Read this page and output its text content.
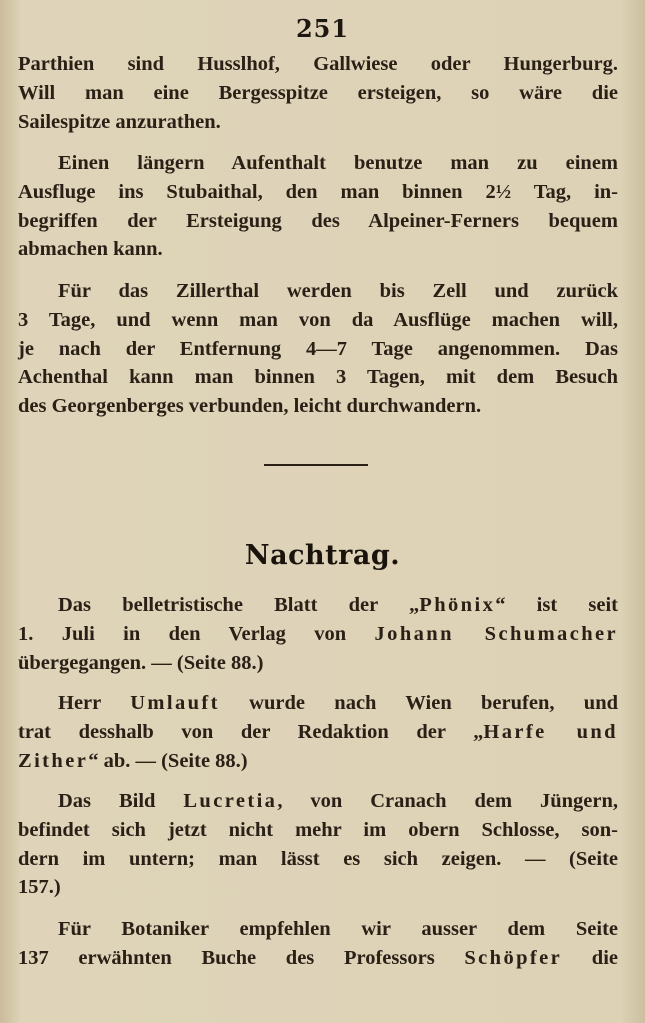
251
Parthien sind Husslhof, Gallwiese oder Hungerburg.
Will man eine Bergesspitze ersteigen, so wäre die
Sailespitze anzurathen.
Einen längern Aufenthalt benutze man zu einem
Ausfluge ins Stubaithal, den man binnen 2½ Tag, in-
begriffen der Ersteigung des Alpeiner-Ferners bequem
abmachen kann.
Für das Zillerthal werden bis Zell und zurück
3 Tage, und wenn man von da Ausflüge machen will,
je nach der Entfernung 4—7 Tage angenommen. Das
Achenthal kann man binnen 3 Tagen, mit dem Besuch
des Georgenberges verbunden, leicht durchwandern.
Nachtrag.
Das belletristische Blatt der „Phönix“ ist seit
1. Juli in den Verlag von Johann Schumacher
übergegangen. — (Seite 88.)
Herr Umlauft wurde nach Wien berufen, und
trat desshalb von der Redaktion der „Harfe und
Zither“ ab. — (Seite 88.)
Das Bild Lucretia, von Cranach dem Jüngern,
befindet sich jetzt nicht mehr im obern Schlosse, son-
dern im untern; man lässt es sich zeigen. — (Seite
157.)
Für Botaniker empfehlen wir ausser dem Seite
137 erwähnten Buche des Professors Schöpfer die
